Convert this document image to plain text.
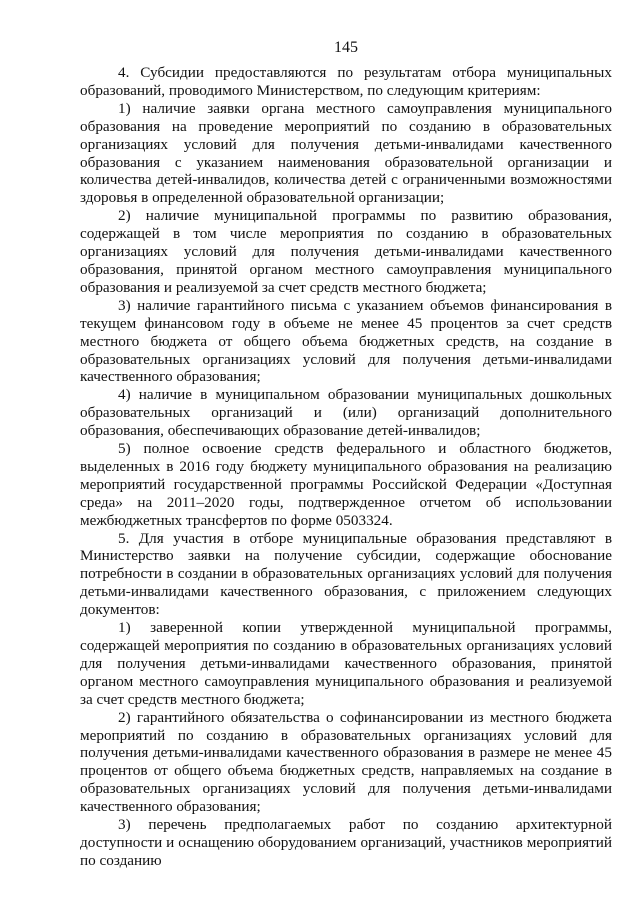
145

4. Субсидии предоставляются по результатам отбора муниципальных образований, проводимого Министерством, по следующим критериям:

1) наличие заявки органа местного самоуправления муниципального образования на проведение мероприятий по созданию в образовательных организациях условий для получения детьми-инвалидами качественного образования с указанием наименования образовательной организации и количества детей-инвалидов, количества детей с ограниченными возможностями здоровья в определенной образовательной организации;

2) наличие муниципальной программы по развитию образования, содержащей в том числе мероприятия по созданию в образовательных организациях условий для получения детьми-инвалидами качественного образования, принятой органом местного самоуправления муниципального образования и реализуемой за счет средств местного бюджета;

3) наличие гарантийного письма с указанием объемов финансирования в текущем финансовом году в объеме не менее 45 процентов за счет средств местного бюджета от общего объема бюджетных средств, на создание в образовательных организациях условий для получения детьми-инвалидами качественного образования;

4) наличие в муниципальном образовании муниципальных дошкольных образовательных организаций и (или) организаций дополнительного образования, обеспечивающих образование детей-инвалидов;

5) полное освоение средств федерального и областного бюджетов, выделенных в 2016 году бюджету муниципального образования на реализацию мероприятий государственной программы Российской Федерации «Доступная среда» на 2011–2020 годы, подтвержденное отчетом об использовании межбюджетных трансфертов по форме 0503324.

5. Для участия в отборе муниципальные образования представляют в Министерство заявки на получение субсидии, содержащие обоснование потребности в создании в образовательных организациях условий для получения детьми-инвалидами качественного образования, с приложением следующих документов:

1) заверенной копии утвержденной муниципальной программы, содержащей мероприятия по созданию в образовательных организациях условий для получения детьми-инвалидами качественного образования, принятой органом местного самоуправления муниципального образования и реализуемой за счет средств местного бюджета;

2) гарантийного обязательства о софинансировании из местного бюджета мероприятий по созданию в образовательных организациях условий для получения детьми-инвалидами качественного образования в размере не менее 45 процентов от общего объема бюджетных средств, направляемых на создание в образовательных организациях условий для получения детьми-инвалидами качественного образования;

3) перечень предполагаемых работ по созданию архитектурной доступности и оснащению оборудованием организаций, участников мероприятий по созданию
